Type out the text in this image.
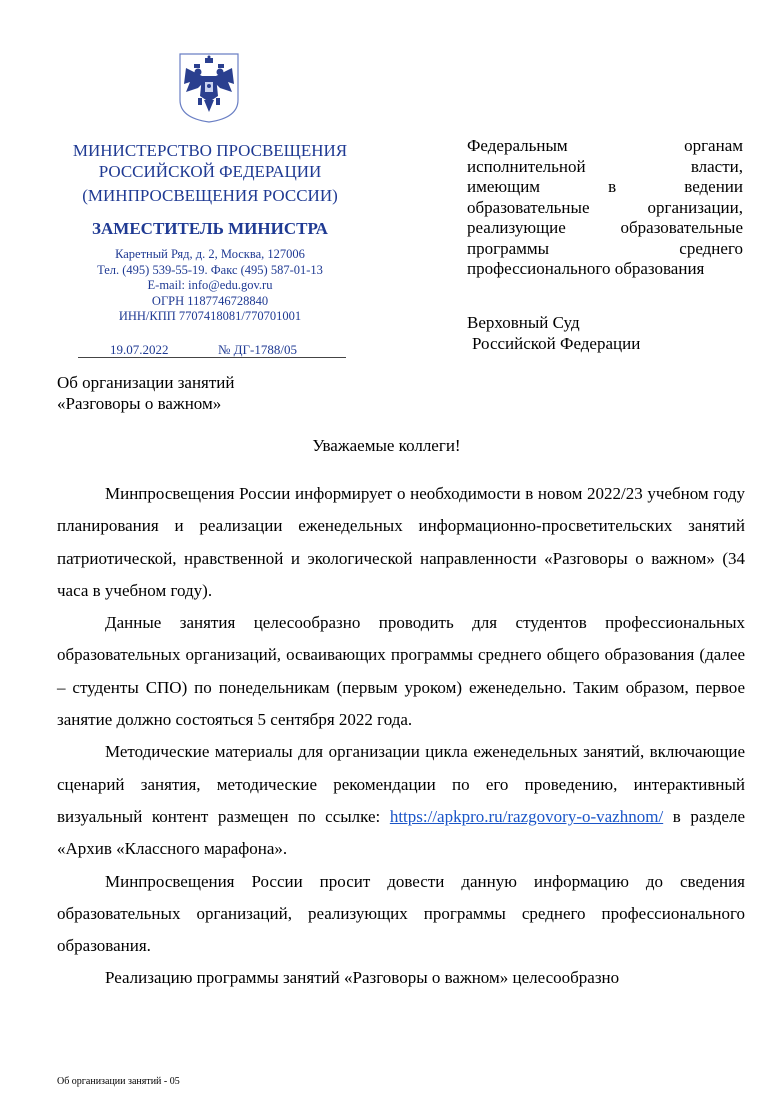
МИНИСТЕРСТВО ПРОСВЕЩЕНИЯ
РОССИЙСКОЙ ФЕДЕРАЦИИ
(МИНПРОСВЕЩЕНИЯ РОССИИ)
ЗАМЕСТИТЕЛЬ МИНИСТРА
Каретный Ряд, д. 2, Москва, 127006
Тел. (495) 539-55-19. Факс (495) 587-01-13
E-mail: info@edu.gov.ru
ОГРН 1187746728840
ИНН/КПП 7707418081/770701001
19.07.2022	№ ДГ-1788/05
Федеральным органам
исполнительной власти,
имеющим в ведении
образовательные организации,
реализующие образовательные
программы среднего
профессионального образования
Верховный Суд
Российской Федерации
Об организации занятий
«Разговоры о важном»
Уважаемые коллеги!

Минпросвещения России информирует о необходимости в новом 2022/23 учебном году планирования и реализации еженедельных информационно-просветительских занятий патриотической, нравственной и экологической направленности «Разговоры о важном» (34 часа в учебном году).

Данные занятия целесообразно проводить для студентов профессиональных образовательных организаций, осваивающих программы среднего общего образования (далее – студенты СПО) по понедельникам (первым уроком) еженедельно. Таким образом, первое занятие должно состояться 5 сентября 2022 года.

Методические материалы для организации цикла еженедельных занятий, включающие сценарий занятия, методические рекомендации по его проведению, интерактивный визуальный контент размещен по ссылке: https://apkpro.ru/razgovory-o-vazhnom/ в разделе «Архив «Классного марафона».

Минпросвещения России просит довести данную информацию до сведения образовательных организаций, реализующих программы среднего профессионального образования.

Реализацию программы занятий «Разговоры о важном» целесообразно

Об организации занятий - 05
